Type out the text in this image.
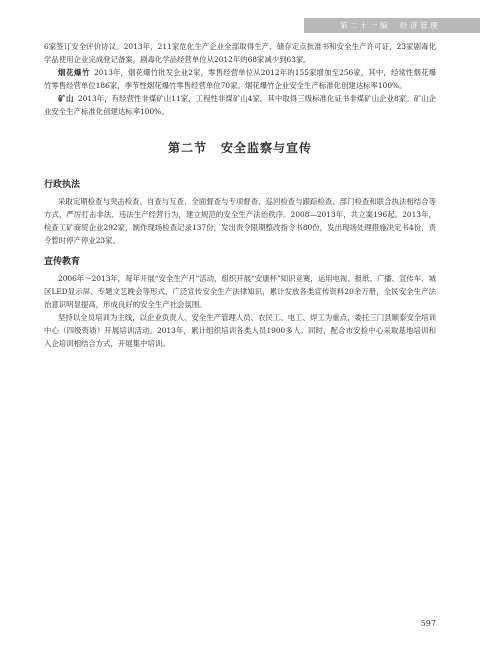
第二十一编　经济管理

6家签订安全评价协议。2013年，211家危化生产企业全部取得生产、储存定点批准书和安全生产许可证，23家剧毒化学品使用企业完成登记备案，剧毒化学品经营单位从2012年的68家减少到63家。

烟花爆竹 2013年，烟花爆竹批发企业2家，零售经营单位从2012年的155家增加至256家，其中，经常性烟花爆竹零售经营单位186家，季节性烟花爆竹零售经营单位70家。烟花爆竹企业安全生产标准化创建达标率100%。

矿山 2013年，有经营性非煤矿山11家，工程性非煤矿山4家。其中取得三级标准化证书非煤矿山企业8家。矿山企业安全生产标准化创建达标率100%。

第二节 安全监察与宣传
行政执法

采取定期检查与突击检查、自查与互查、全面督查与专项督查、巡回检查与跟踪检查、部门检查和联合执法相结合等方式，严厉打击非法、违法生产经营行为，建立规范的安全生产法治秩序。2008—2013年，共立案196起。2013年，检查工矿商贸企业292家，制作现场检查记录137份，发出责令限期整改指令书80份，发出现场处理措施决定书4份，责令暂时停产停业23家。

宣传教育

2006年～2013年，每年开展“安全生产月”活动，组织开展“安康杯”知识竞赛，运用电视、报纸、广播、宣传车、城区LED显示屏、专题文艺晚会等形式，广泛宣传安全生产法律知识，累计发放各类宣传资料20余万册，全民安全生产法治意识明显提高，形成良好的安全生产社会氛围。

坚持以全员培训为主线，以企业负责人、安全生产管理人员、农民工、电工、焊工为重点，委托三门县顺泰安全培训中心（四级资质）开展培训活动。2013年，累计组织培训各类人员1900多人。同时，配合市安检中心采取基地培训和入企培训相结合方式，开展集中培训。

597
